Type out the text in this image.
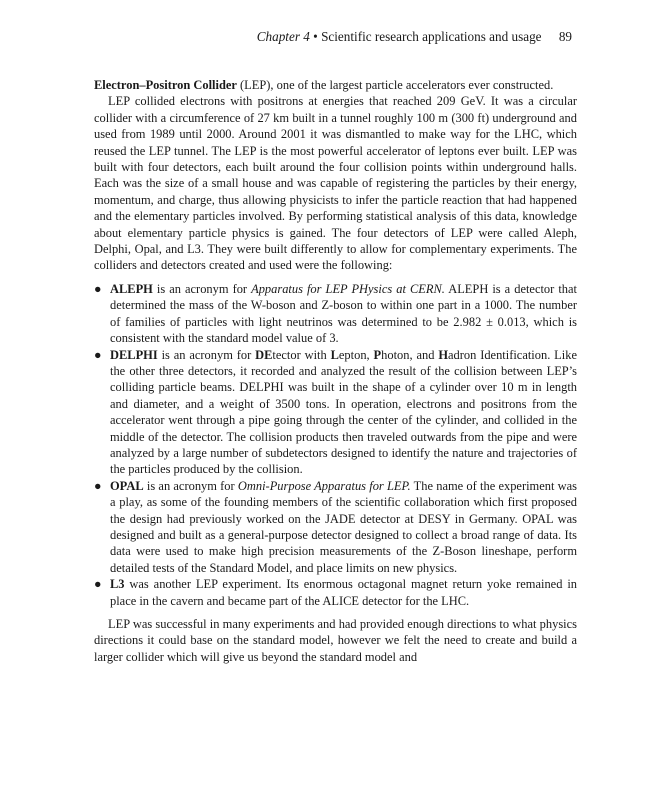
Chapter 4 • Scientific research applications and usage 89

Electron–Positron Collider (LEP), one of the largest particle accelerators ever constructed.

LEP collided electrons with positrons at energies that reached 209 GeV. It was a circular collider with a circumference of 27 km built in a tunnel roughly 100 m (300 ft) underground and used from 1989 until 2000. Around 2001 it was dismantled to make way for the LHC, which reused the LEP tunnel. The LEP is the most powerful accelerator of leptons ever built. LEP was built with four detectors, each built around the four collision points within underground halls. Each was the size of a small house and was capable of registering the particles by their energy, momentum, and charge, thus allowing physicists to infer the particle reaction that had happened and the elementary particles involved. By performing statistical analysis of this data, knowledge about elementary particle physics is gained. The four detectors of LEP were called Aleph, Delphi, Opal, and L3. They were built differently to allow for complementary experiments. The colliders and detectors created and used were the following:

● ALEPH is an acronym for Apparatus for LEP PHysics at CERN. ALEPH is a detector that determined the mass of the W-boson and Z-boson to within one part in a 1000. The number of families of particles with light neutrinos was determined to be 2.982 ± 0.013, which is consistent with the standard model value of 3.
● DELPHI is an acronym for DEtector with Lepton, Photon, and Hadron Identification. Like the other three detectors, it recorded and analyzed the result of the collision between LEP’s colliding particle beams. DELPHI was built in the shape of a cylinder over 10 m in length and diameter, and a weight of 3500 tons. In operation, electrons and positrons from the accelerator went through a pipe going through the center of the cylinder, and collided in the middle of the detector. The collision products then traveled outwards from the pipe and were analyzed by a large number of subdetectors designed to identify the nature and trajectories of the particles produced by the collision.
● OPAL is an acronym for Omni-Purpose Apparatus for LEP. The name of the experiment was a play, as some of the founding members of the scientific collaboration which first proposed the design had previously worked on the JADE detector at DESY in Germany. OPAL was designed and built as a general-purpose detector designed to collect a broad range of data. Its data were used to make high precision measurements of the Z-Boson lineshape, perform detailed tests of the Standard Model, and place limits on new physics.
● L3 was another LEP experiment. Its enormous octagonal magnet return yoke remained in place in the cavern and became part of the ALICE detector for the LHC.

LEP was successful in many experiments and had provided enough directions to what physics directions it could base on the standard model, however we felt the need to create and build a larger collider which will give us beyond the standard model and
